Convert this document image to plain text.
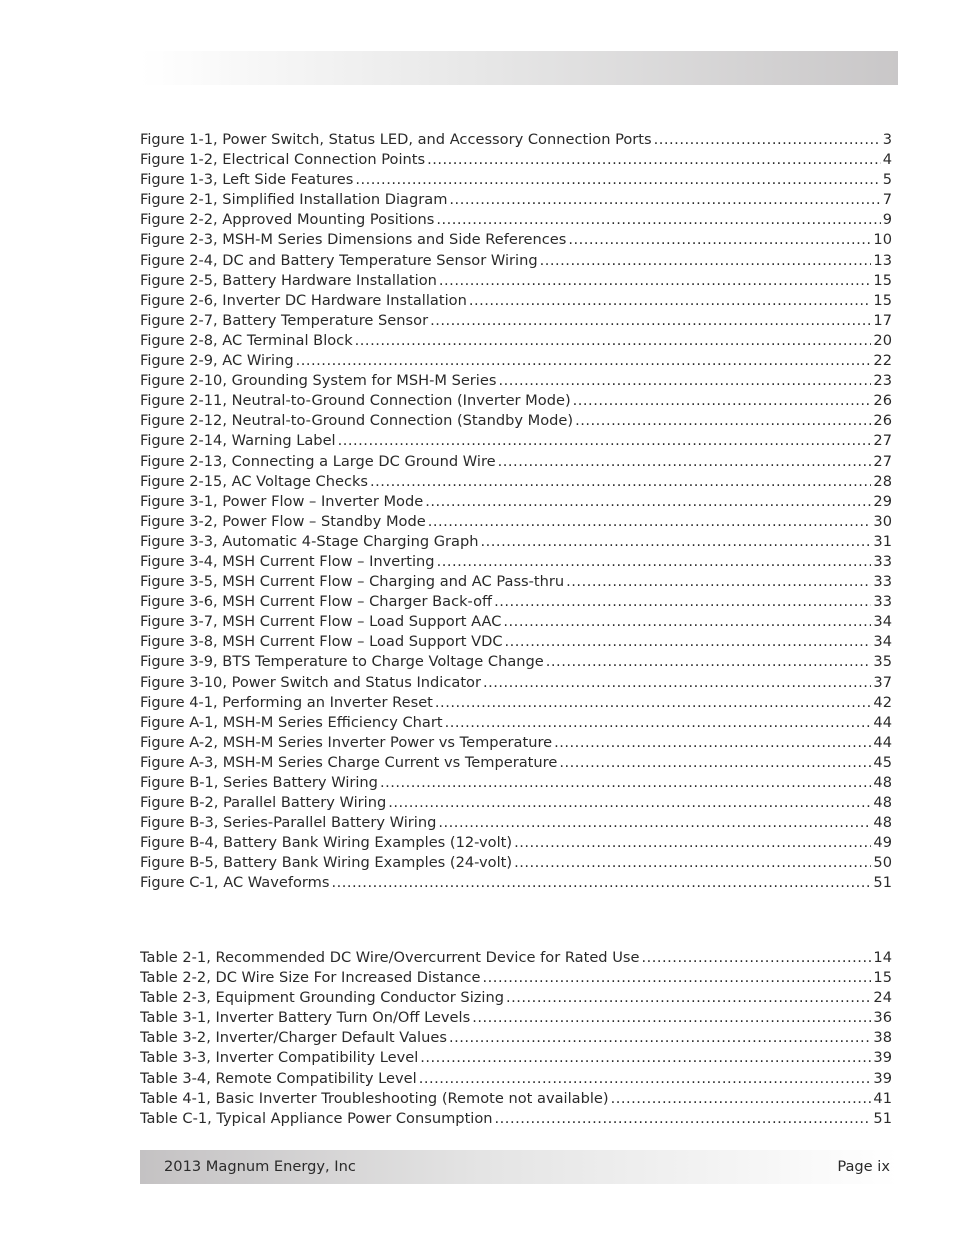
Figure 1-1, Power Switch, Status LED, and Accessory Connection Ports .....	3
Figure 1-2, Electrical Connection Points .....	4
Figure 1-3, Left Side Features .....	5
Figure 2-1, Simplified Installation Diagram .....	7
Figure 2-2, Approved Mounting Positions .....	9
Figure 2-3, MSH-M Series Dimensions and Side References .....	10
Figure 2-4, DC and Battery Temperature Sensor Wiring .....	13
Figure 2-5, Battery Hardware Installation .....	15
Figure 2-6, Inverter DC Hardware Installation .....	15
Figure 2-7, Battery Temperature Sensor .....	17
Figure 2-8, AC Terminal Block .....	20
Figure 2-9, AC Wiring .....	22
Figure 2-10, Grounding System for MSH-M Series .....	23
Figure 2-11, Neutral-to-Ground Connection (Inverter Mode) .....	26
Figure 2-12, Neutral-to-Ground Connection (Standby Mode) .....	26
Figure 2-14, Warning Label .....	27
Figure 2-13, Connecting a Large DC Ground Wire .....	27
Figure 2-15, AC Voltage Checks .....	28
Figure 3-1, Power Flow – Inverter Mode .....	29
Figure 3-2, Power Flow – Standby Mode .....	30
Figure 3-3, Automatic 4-Stage Charging Graph .....	31
Figure 3-4, MSH Current Flow – Inverting .....	33
Figure 3-5, MSH Current Flow – Charging and AC Pass-thru .....	33
Figure 3-6, MSH Current Flow – Charger Back-off .....	33
Figure 3-7, MSH Current Flow – Load Support AAC .....	34
Figure 3-8, MSH Current Flow – Load Support VDC .....	34
Figure 3-9, BTS Temperature to Charge Voltage Change .....	35
Figure 3-10, Power Switch and Status Indicator .....	37
Figure 4-1, Performing an Inverter Reset .....	42
Figure A-1, MSH-M Series Efficiency Chart .....	44
Figure A-2, MSH-M Series Inverter Power vs Temperature .....	44
Figure A-3, MSH-M Series Charge Current vs Temperature .....	45
Figure B-1, Series Battery Wiring .....	48
Figure B-2, Parallel Battery Wiring .....	48
Figure B-3, Series-Parallel Battery Wiring .....	48
Figure B-4, Battery Bank Wiring Examples (12-volt) .....	49
Figure B-5, Battery Bank Wiring Examples (24-volt) .....	50
Figure C-1, AC Waveforms .....	51
Table 2-1, Recommended DC Wire/Overcurrent Device for Rated Use .....	14
Table 2-2, DC Wire Size For Increased Distance .....	15
Table 2-3, Equipment Grounding Conductor Sizing .....	24
Table 3-1, Inverter Battery Turn On/Off Levels .....	36
Table 3-2, Inverter/Charger Default Values .....	38
Table 3-3, Inverter Compatibility Level .....	39
Table 3-4, Remote Compatibility Level .....	39
Table 4-1, Basic Inverter Troubleshooting (Remote not available) .....	41
Table C-1, Typical Appliance Power Consumption .....	51
2013 Magnum Energy, Inc	Page ix
